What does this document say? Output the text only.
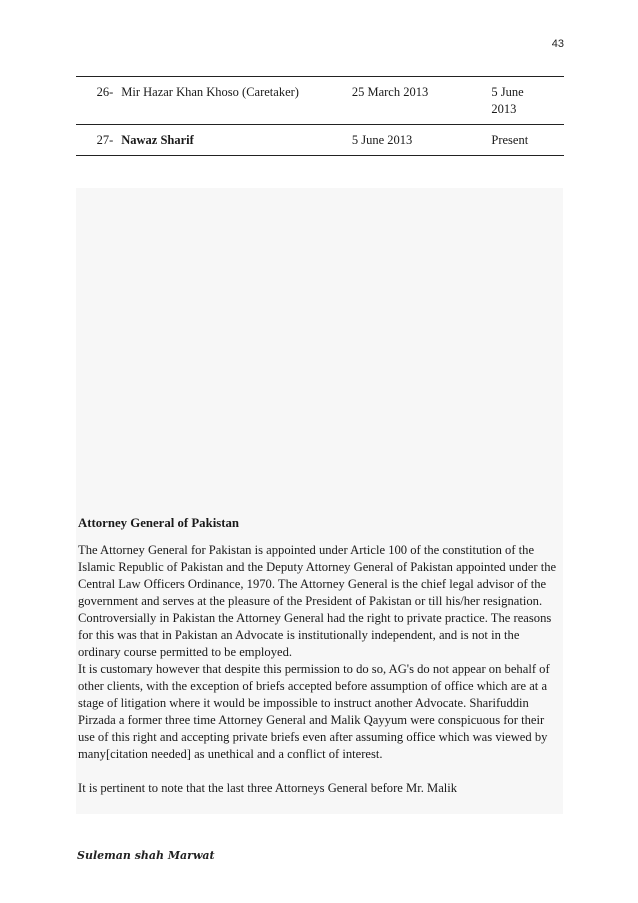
43
26-	Mir Hazar Khan Khoso (Caretaker)	25 March 2013	5 June
2013
27-	Nawaz Sharif	5 June 2013	Present
Attorney General of Pakistan

The Attorney General for Pakistan is appointed under Article 100 of the constitution of the Islamic Republic of Pakistan and the Deputy Attorney General of Pakistan appointed under the Central Law Officers Ordinance, 1970. The Attorney General is the chief legal advisor of the government and serves at the pleasure of the President of Pakistan or till his/her resignation.

Controversially in Pakistan the Attorney General had the right to private practice. The reasons for this was that in Pakistan an Advocate is institutionally independent, and is not in the ordinary course permitted to be employed.

It is customary however that despite this permission to do so, AG's do not appear on behalf of other clients, with the exception of briefs accepted before assumption of office which are at a stage of litigation where it would be impossible to instruct another Advocate. Sharifuddin Pirzada a former three time Attorney General and Malik Qayyum were conspicuous for their use of this right and accepting private briefs even after assuming office which was viewed by many[citation needed] as unethical and a conflict of interest.

It is pertinent to note that the last three Attorneys General before Mr. Malik

Suleman shah Marwat
